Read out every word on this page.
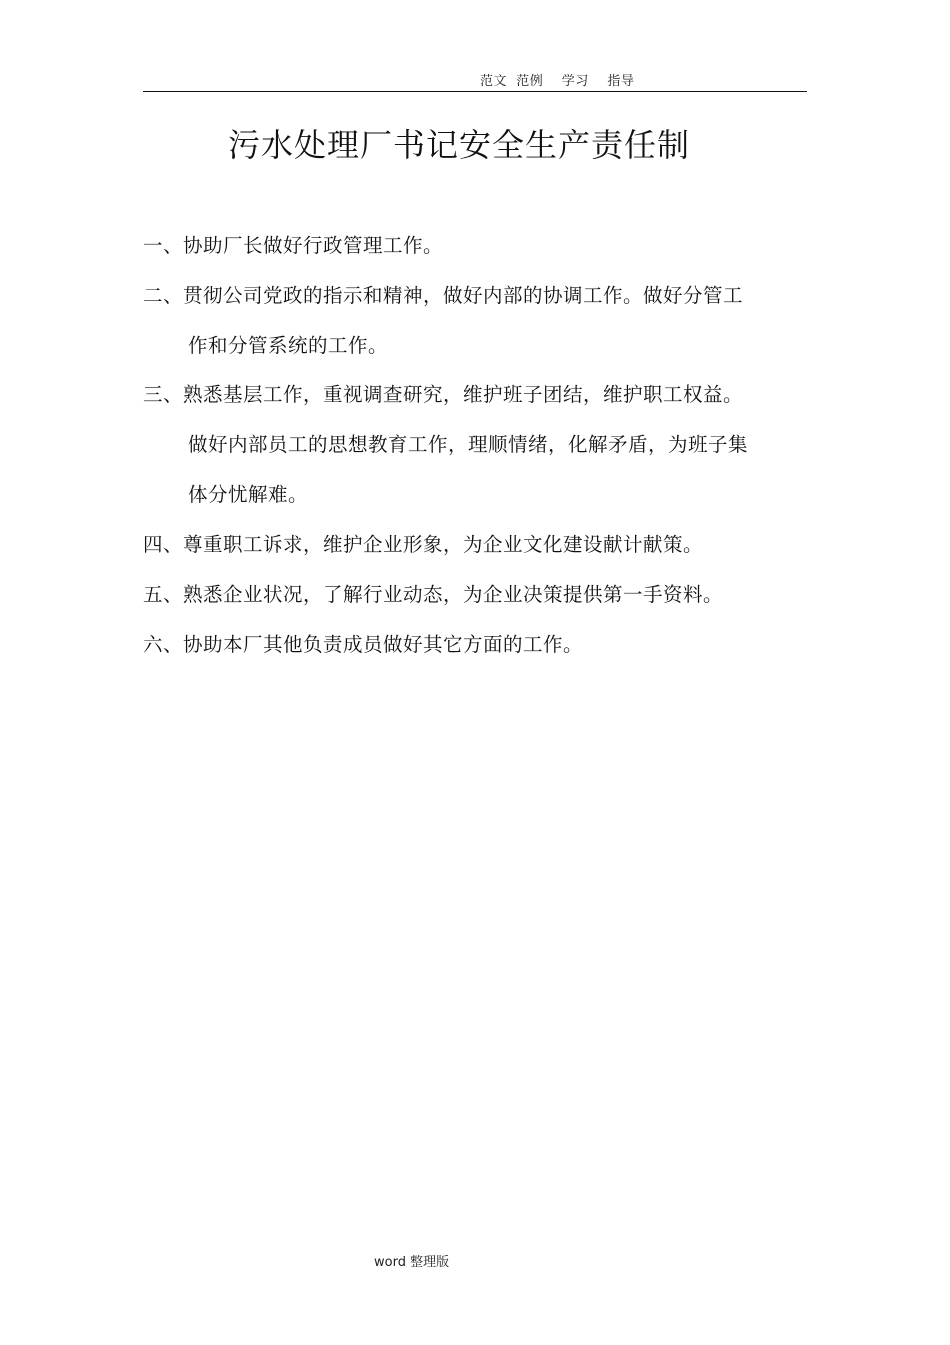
范文  范例    学习    指导
污水处理厂书记安全生产责任制
一、协助厂长做好行政管理工作。
二、贯彻公司党政的指示和精神，做好内部的协调工作。做好分管工
作和分管系统的工作。
三、熟悉基层工作，重视调查研究，维护班子团结，维护职工权益。
做好内部员工的思想教育工作，理顺情绪，化解矛盾，为班子集
体分忧解难。
四、尊重职工诉求，维护企业形象，为企业文化建设献计献策。
五、熟悉企业状况，了解行业动态，为企业决策提供第一手资料。
六、协助本厂其他负责成员做好其它方面的工作。
word 整理版
